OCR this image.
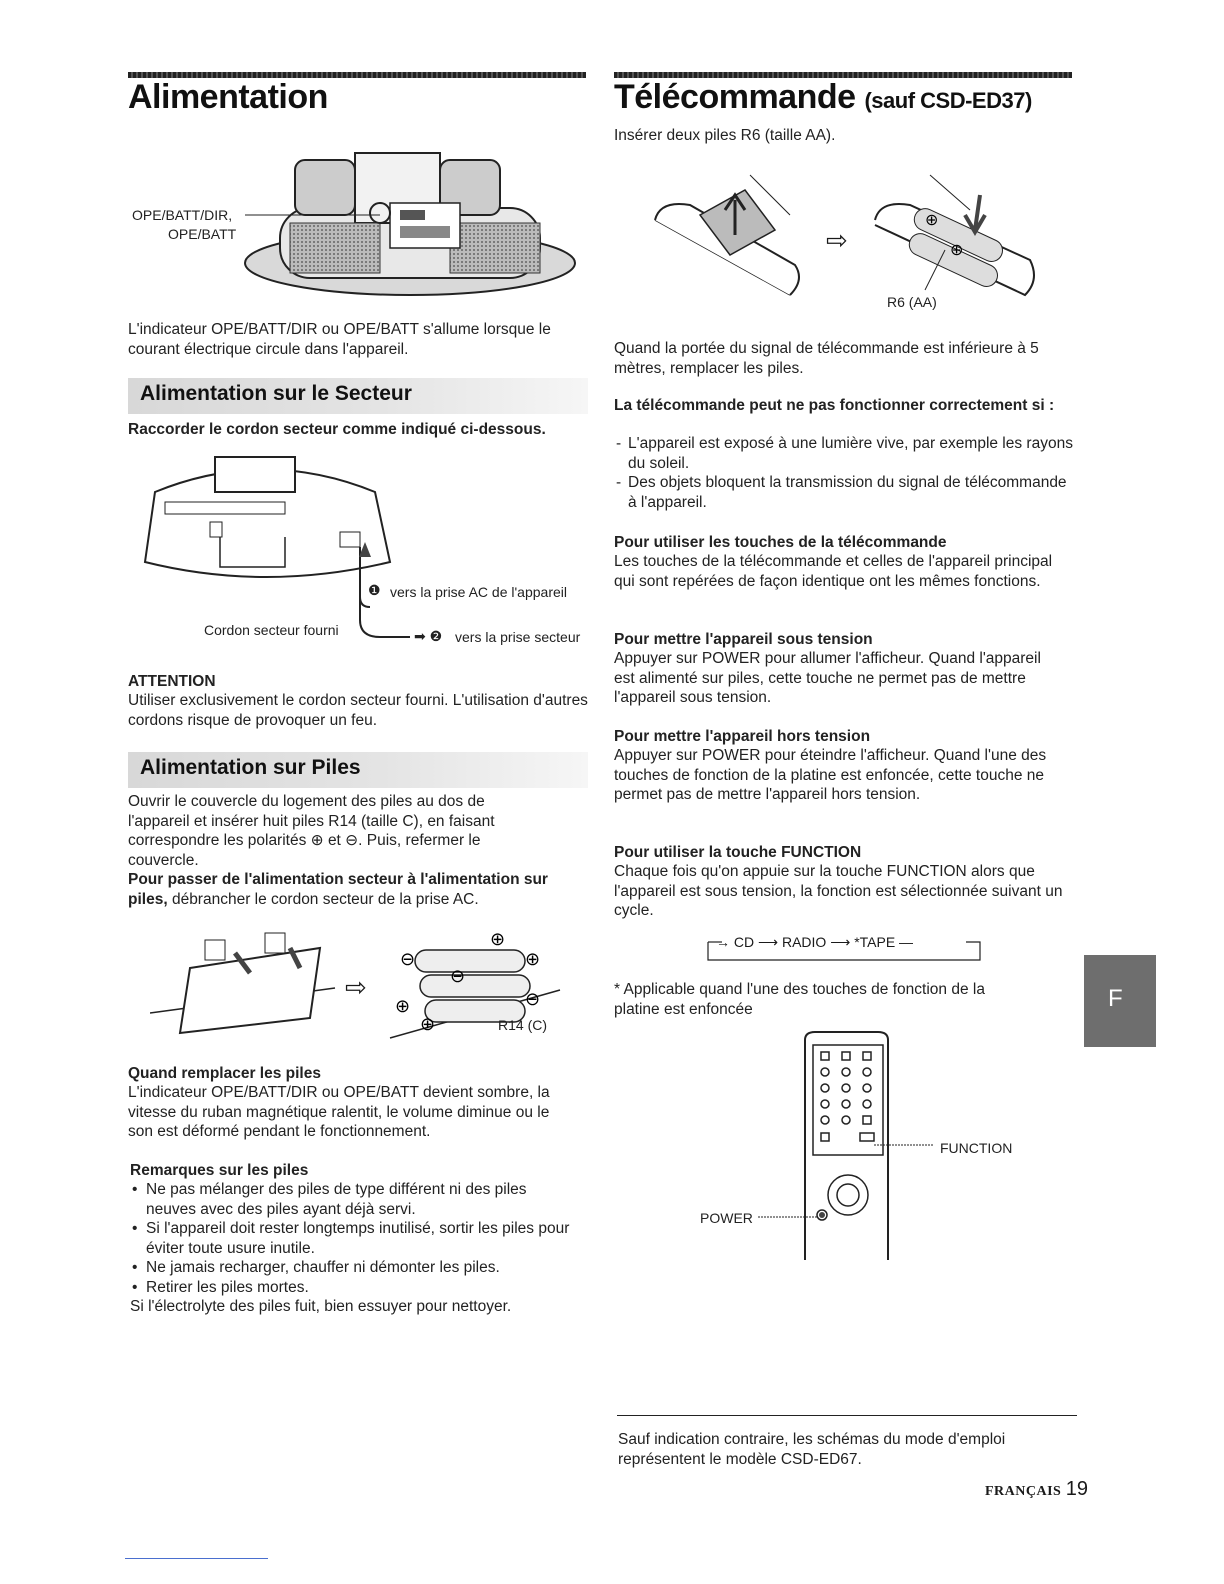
Alimentation
OPE/BATT/DIR,
OPE/BATT
L'indicateur OPE/BATT/DIR ou OPE/BATT s'allume lorsque le courant électrique circule dans l'appareil.
Alimentation sur le Secteur
Raccorder le cordon secteur comme indiqué ci-dessous.
❶ vers la prise AC de l'appareil
Cordon secteur fourni	➡ ❷ vers la prise secteur
ATTENTION
Utiliser exclusivement le cordon secteur fourni. L'utilisation d'autres cordons risque de provoquer un feu.
Alimentation sur Piles
Ouvrir le couvercle du logement des piles au dos de l'appareil et insérer huit piles R14 (taille C), en faisant correspondre les polarités ⊕ et ⊖. Puis, refermer le couvercle.
Pour passer de l'alimentation secteur à l'alimentation sur piles, débrancher le cordon secteur de la prise AC.
⇨
⊖
⊕
⊕
⊖
⊕	⊖
⊕	R14 (C)
Quand remplacer les piles
L'indicateur OPE/BATT/DIR ou OPE/BATT devient sombre, la vitesse du ruban magnétique ralentit, le volume diminue ou le son est déformé pendant le fonctionnement.
Remarques sur les piles
• Ne pas mélanger des piles de type différent ni des piles neuves avec des piles ayant déjà servi.
• Si l'appareil doit rester longtemps inutilisé, sortir les piles pour éviter toute usure inutile.
• Ne jamais recharger, chauffer ni démonter les piles.
• Retirer les piles mortes.
Si l'électrolyte des piles fuit, bien essuyer pour nettoyer.
Télécommande (sauf CSD-ED37)
Insérer deux piles R6 (taille AA).
⇨
⊕
⊕
R6 (AA)
Quand la portée du signal de télécommande est inférieure à 5 mètres, remplacer les piles.
La télécommande peut ne pas fonctionner correctement si :
- L'appareil est exposé à une lumière vive, par exemple les rayons du soleil.
- Des objets bloquent la transmission du signal de télécommande à l'appareil.
Pour utiliser les touches de la télécommande
Les touches de la télécommande et celles de l'appareil principal qui sont repérées de façon identique ont les mêmes fonctions.
Pour mettre l'appareil sous tension
Appuyer sur POWER pour allumer l'afficheur. Quand l'appareil est alimenté sur piles, cette touche ne permet pas de mettre l'appareil sous tension.
Pour mettre l'appareil hors tension
Appuyer sur POWER pour éteindre l'afficheur. Quand l'une des touches de fonction de la platine est enfoncée, cette touche ne permet pas de mettre l'appareil hors tension.
Pour utiliser la touche FUNCTION
Chaque fois qu'on appuie sur la touche FUNCTION alors que l'appareil est sous tension, la fonction est sélectionnée suivant un cycle.
→ CD ⟶ RADIO ⟶ *TAPE —
* Applicable quand l'une des touches de fonction de la platine est enfoncée
FUNCTION
POWER
F
Sauf indication contraire, les schémas du mode d'emploi représentent le modèle CSD-ED67.
FRANÇAIS 19
